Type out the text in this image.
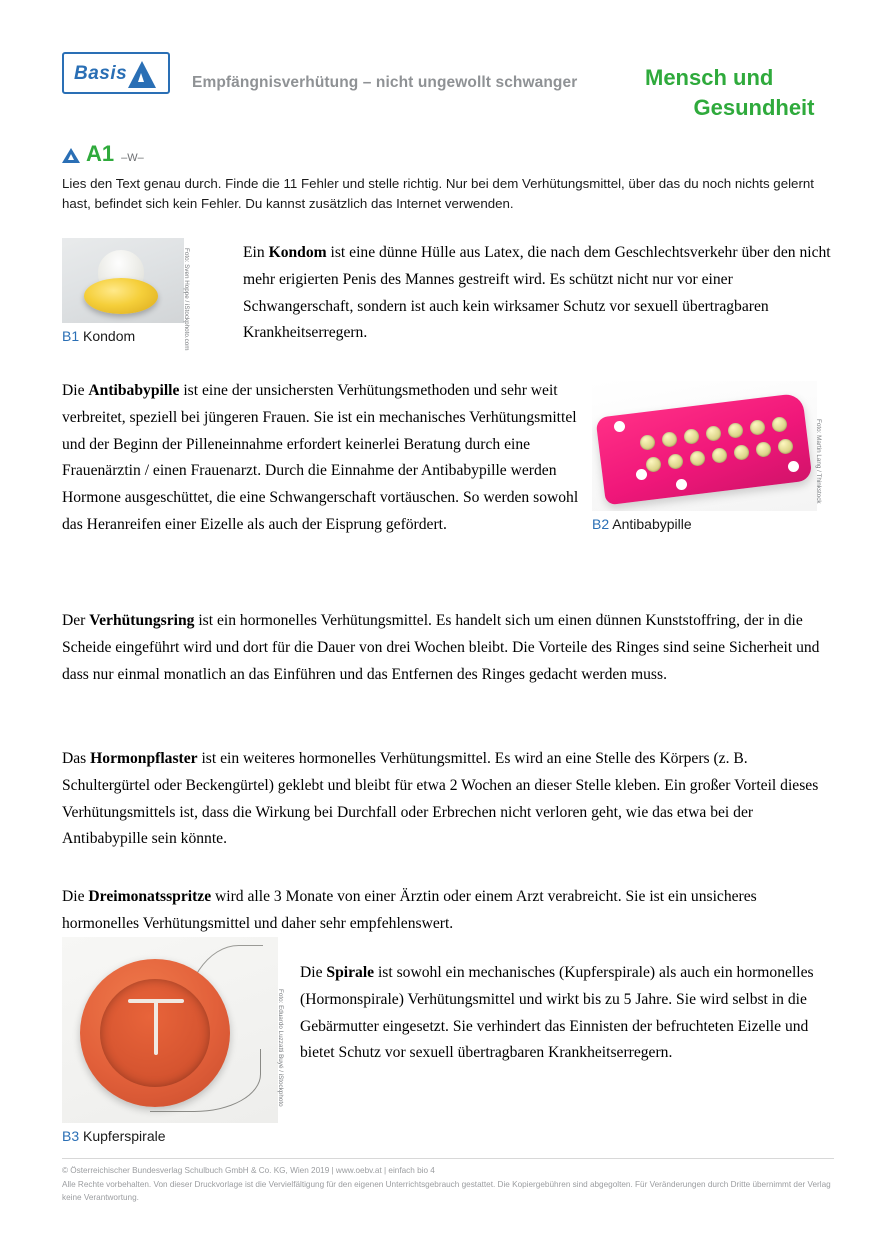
Basis	Empfängnisverhütung – nicht ungewollt schwanger	Mensch und
Gesundheit
A1 –W–
Lies den Text genau durch. Finde die 11 Fehler und stelle richtig. Nur bei dem Verhütungsmittel, über das du noch nichts gelernt hast, befindet sich kein Fehler. Du kannst zusätzlich das Internet verwenden.
B1 Kondom	Foto: Sven Hoppe / iStockphoto.com	Ein Kondom ist eine dünne Hülle aus Latex, die nach dem Geschlechtsverkehr über den nicht mehr erigierten Penis des Mannes gestreift wird. Es schützt nicht nur vor einer Schwangerschaft, sondern ist auch kein wirksamer Schutz vor sexuell übertragbaren Krankheitserregern.
B2 Antibabypille
Foto: Martin Lang / Thinkstock
Die Antibabypille ist eine der unsichersten Verhütungsmethoden und sehr weit verbreitet, speziell bei jüngeren Frauen. Sie ist ein mechanisches Verhütungsmittel und der Beginn der Pilleneinnahme erfordert keinerlei Beratung durch eine Frauenärztin / einen Frauenarzt. Durch die Einnahme der Antibabypille werden Hormone ausgeschüttet, die eine Schwangerschaft vortäuschen. So werden sowohl das Heranreifen einer Eizelle als auch der Eisprung gefördert.
Der Verhütungsring ist ein hormonelles Verhütungsmittel. Es handelt sich um einen dünnen Kunststoffring, der in die Scheide eingeführt wird und dort für die Dauer von drei Wochen bleibt. Die Vorteile des Ringes sind seine Sicherheit und dass nur einmal monatlich an das Einführen und das Entfernen des Ringes gedacht werden muss.
Das Hormonpflaster ist ein weiteres hormonelles Verhütungsmittel. Es wird an eine Stelle des Körpers (z. B. Schultergürtel oder Beckengürtel) geklebt und bleibt für etwa 2 Wochen an dieser Stelle kleben. Ein großer Vorteil dieses Verhütungsmittels ist, dass die Wirkung bei Durchfall oder Erbrechen nicht verloren geht, wie das etwa bei der Antibabypille sein könnte.
Die Dreimonatsspritze wird alle 3 Monate von einer Ärztin oder einem Arzt verabreicht. Sie ist ein unsicheres hormonelles Verhütungsmittel und daher sehr empfehlenswert.
B3 Kupferspirale
Foto: Eduardo Luzzatti Buyé / iStockphoto
Die Spirale ist sowohl ein mechanisches (Kupferspirale) als auch ein hormonelles (Hormonspirale) Verhütungsmittel und wirkt bis zu 5 Jahre. Sie wird selbst in die Gebärmutter eingesetzt. Sie verhindert das Einnisten der befruchteten Eizelle und bietet Schutz vor sexuell übertragbaren Krankheitserregern.
© Österreichischer Bundesverlag Schulbuch GmbH & Co. KG, Wien 2019 | www.oebv.at | einfach bio 4
Alle Rechte vorbehalten. Von dieser Druckvorlage ist die Vervielfältigung für den eigenen Unterrichtsgebrauch gestattet. Die Kopiergebühren sind abgegolten. Für Veränderungen durch Dritte übernimmt der Verlag keine Verantwortung.
